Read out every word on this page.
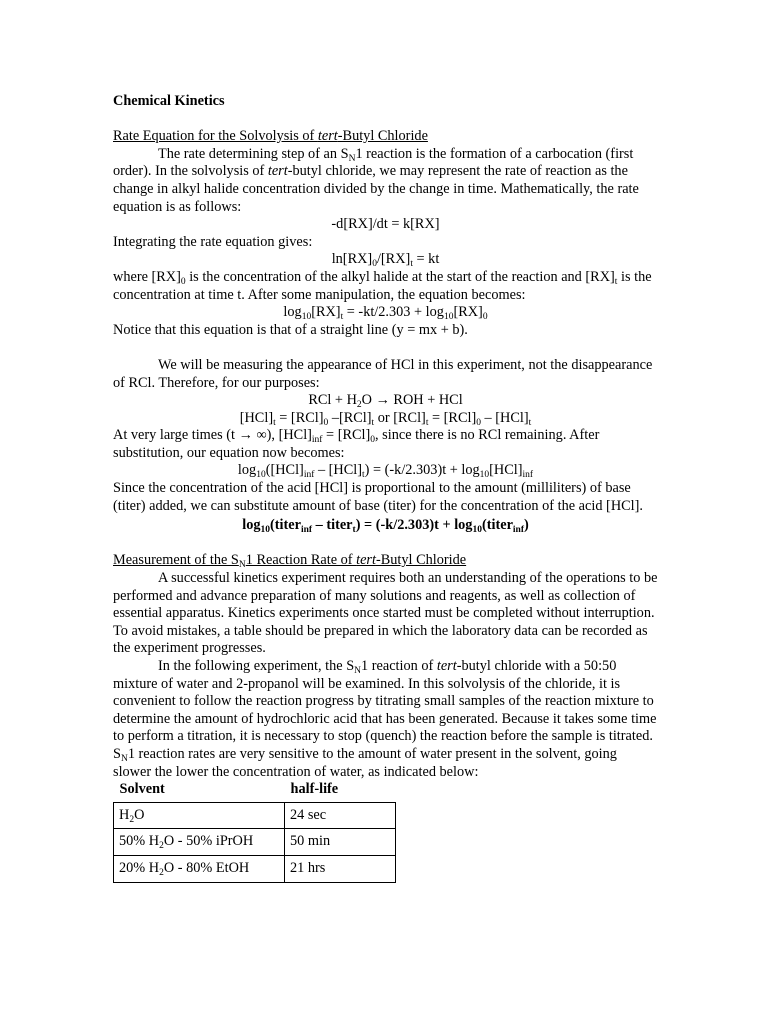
Chemical Kinetics

Rate Equation for the Solvolysis of tert-Butyl Chloride

The rate determining step of an $S_N1$ reaction is the formation of a carbocation (first order). In the solvolysis of tert-butyl chloride, we may represent the rate of reaction as the change in alkyl halide concentration divided by the change in time. Mathematically, the rate equation is as follows:

-d[RX]/dt = k[RX]

Integrating the rate equation gives:

$\ln[RX]_0/[RX]_t$ = kt

where $[RX]_0$ is the concentration of the alkyl halide at the start of the reaction and $[RX]_t$ is the concentration at time t. After some manipulation, the equation becomes:

$\log_{10}[RX]_t = -kt/2.303 + \log_{10}[RX]_0$

Notice that this equation is that of a straight line (y = mx + b).

We will be measuring the appearance of HCl in this experiment, not the disappearance of RCl. Therefore, for our purposes:

RCl + $H_2O$ → ROH + HCl

$[HCl]_t = [RCl]_0$ $-[RCl]_t$ or $[RCl]_t = [RCl]_0 - [HCl]_t$

At very large times (t → ∞), $[HCl]_{inf} = [RCl]_0$, since there is no RCl remaining. After substitution, our equation now becomes:

$\log_{10}([HCl]_{inf} - [HCl]_t) = (-k/2.303)t + \log_{10}[HCl]_{inf}$

Since the concentration of the acid [HCl] is proportional to the amount (milliliters) of base (titer) added, we can substitute amount of base (titer) for the concentration of the acid [HCl].

$\log_{10}(titer_{inf}$ – titer$_t$) = $(-k/2.303)t + \log_{10}(titer_{inf})$

Measurement of the $S_N1$ Reaction Rate of tert-Butyl Chloride

A successful kinetics experiment requires both an understanding of the operations to be performed and advance preparation of many solutions and reagents, as well as collection of essential apparatus. Kinetics experiments once started must be completed without interruption. To avoid mistakes, a table should be prepared in which the laboratory data can be recorded as the experiment progresses.

In the following experiment, the $S_N1$ reaction of tert-butyl chloride with a 50:50 mixture of water and 2-propanol will be examined. In this solvolysis of the chloride, it is convenient to follow the reaction progress by titrating small samples of the reaction mixture to determine the amount of hydrochloric acid that has been generated. Because it takes some time to perform a titration, it is necessary to stop (quench) the reaction before the sample is titrated. $S_N1$ reaction rates are very sensitive to the amount of water present in the solvent, going slower the lower the concentration of water, as indicated below:

Solvent	half-life
$H_2O$	24 sec
50% $H_2O - 50\%$ iPrOH	50 min
20% $H_2O - 80\%$ EtOH	21 hrs
